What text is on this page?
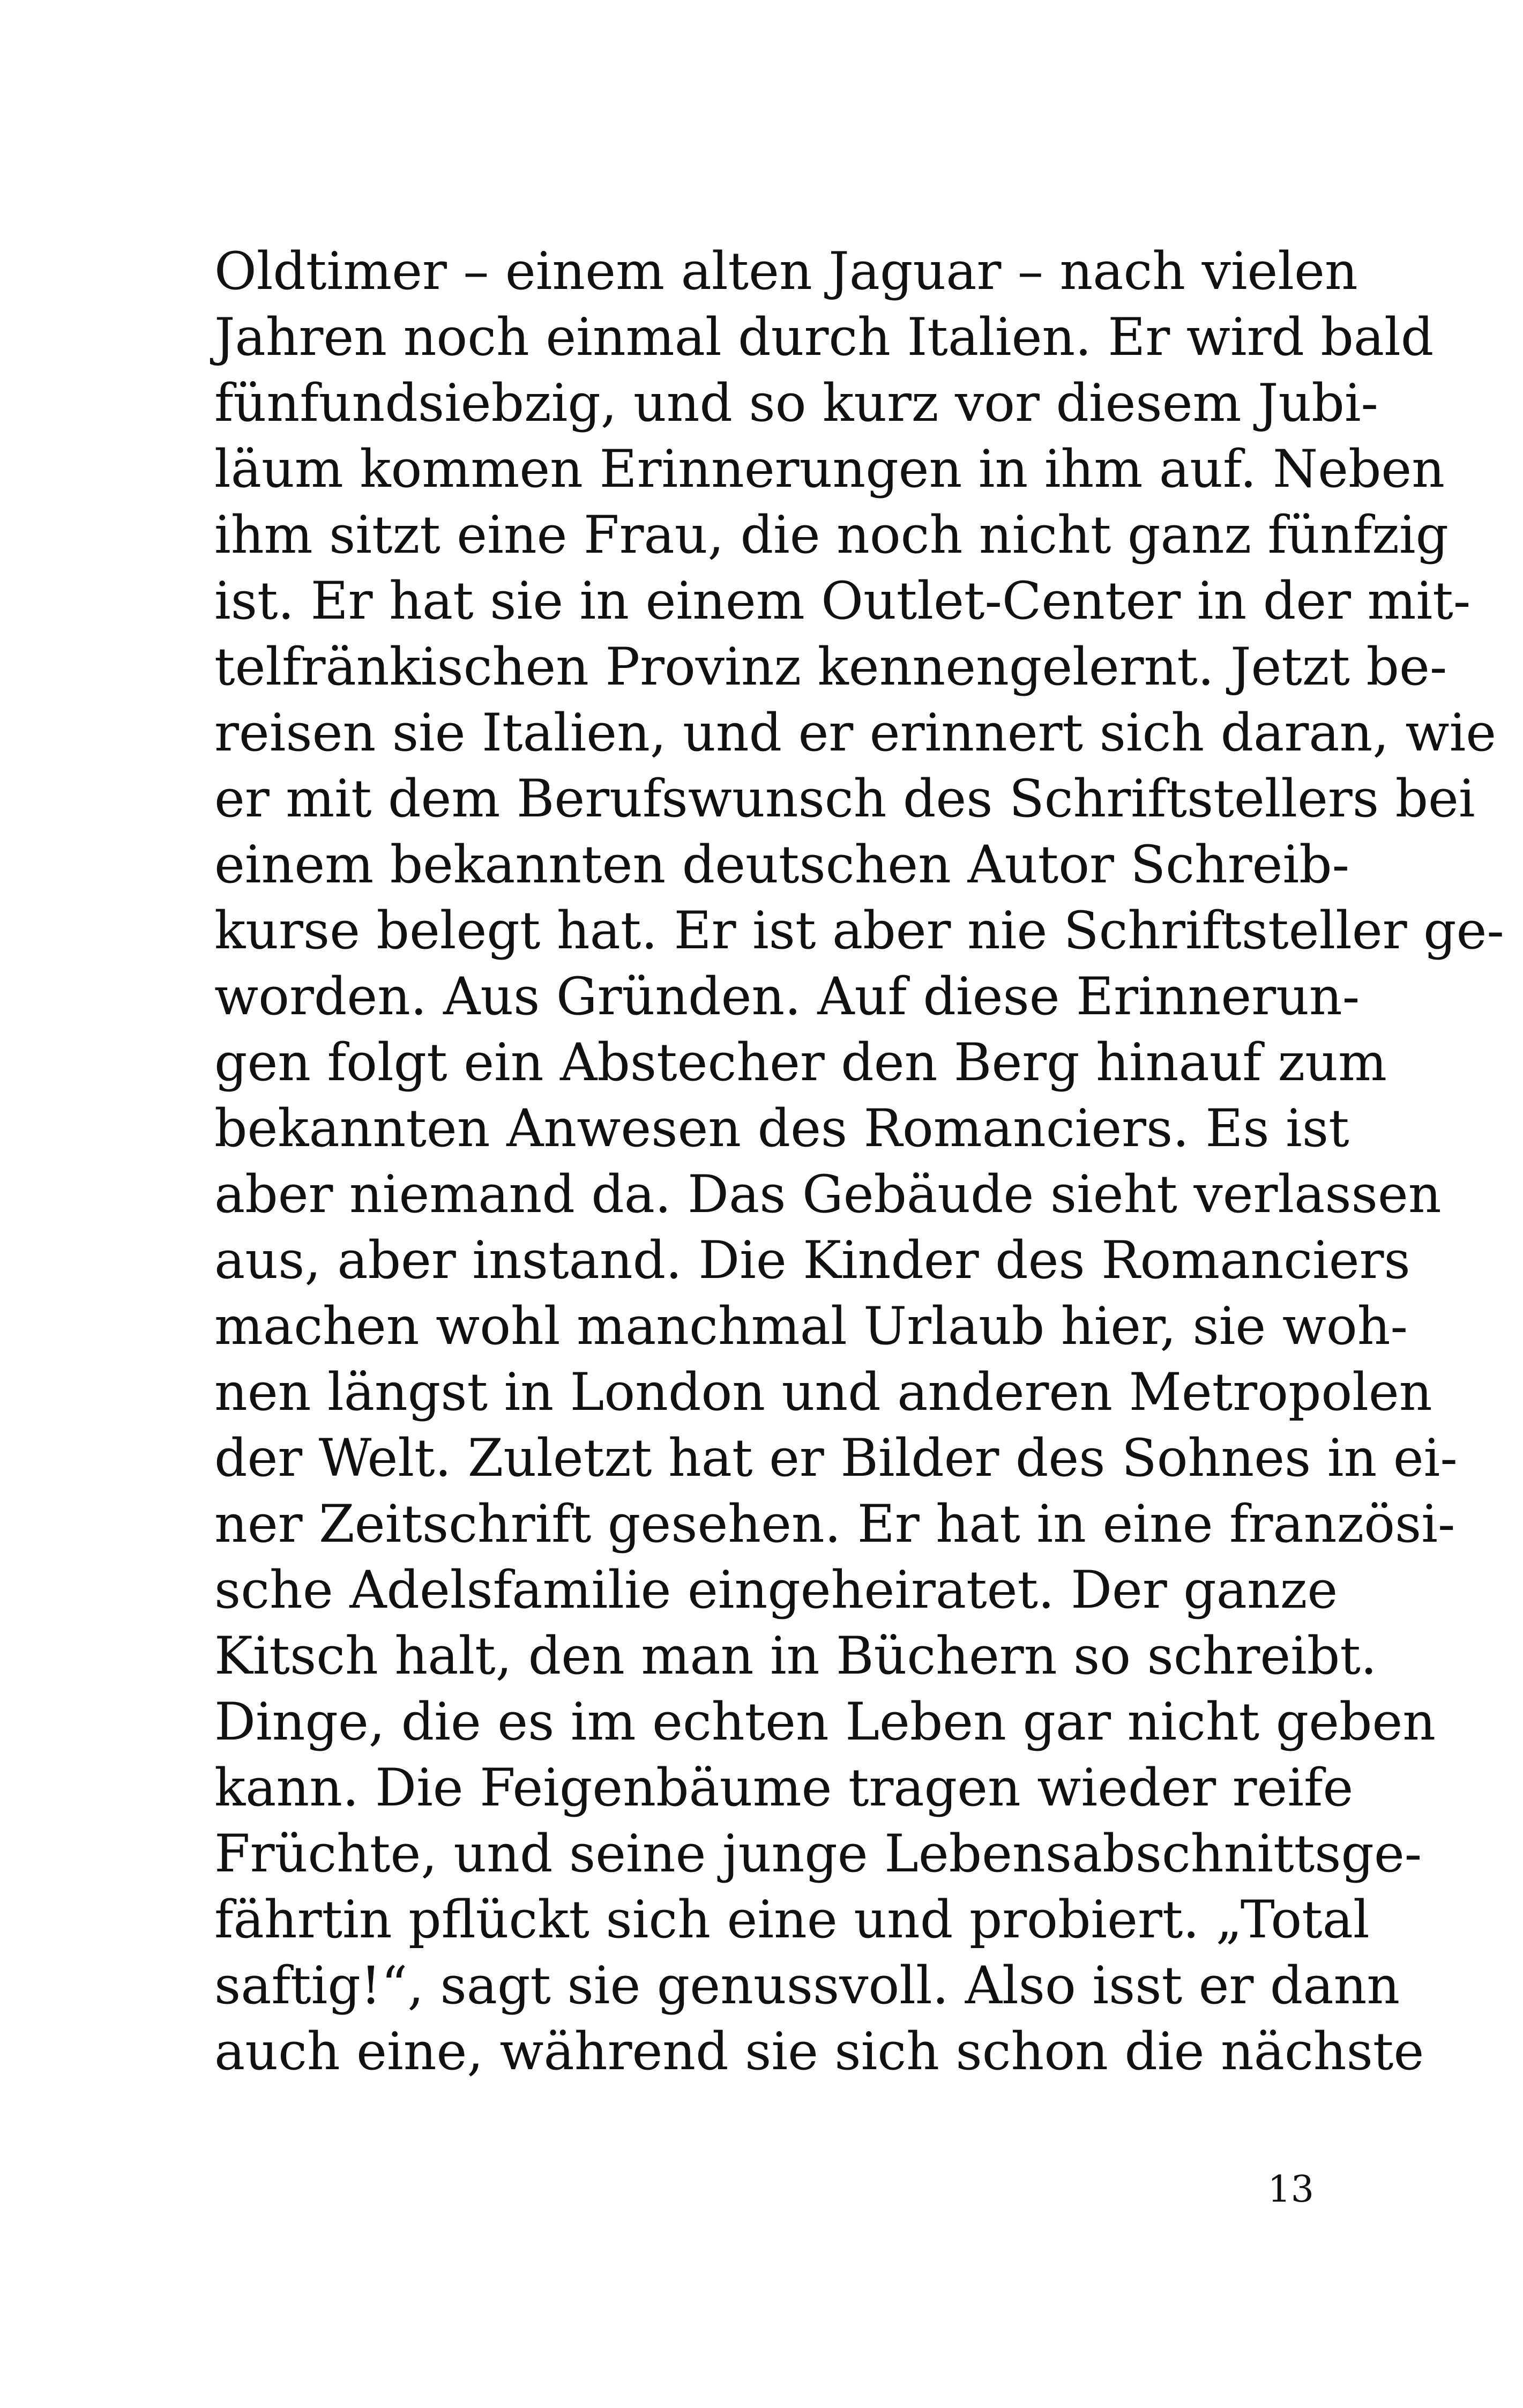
Oldtimer – einem alten Jaguar – nach vielen
Jahren noch einmal durch Italien. Er wird bald
fünfundsiebzig, und so kurz vor diesem Jubi-
läum kommen Erinnerungen in ihm auf. Neben
ihm sitzt eine Frau, die noch nicht ganz fünfzig
ist. Er hat sie in einem Outlet-Center in der mit-
telfränkischen Provinz kennengelernt. Jetzt be-
reisen sie Italien, und er erinnert sich daran, wie
er mit dem Berufswunsch des Schriftstellers bei
einem bekannten deutschen Autor Schreib-
kurse belegt hat. Er ist aber nie Schriftsteller ge-
worden. Aus Gründen. Auf diese Erinnerun-
gen folgt ein Abstecher den Berg hinauf zum
bekannten Anwesen des Romanciers. Es ist
aber niemand da. Das Gebäude sieht verlassen
aus, aber instand. Die Kinder des Romanciers
machen wohl manchmal Urlaub hier, sie woh-
nen längst in London und anderen Metropolen
der Welt. Zuletzt hat er Bilder des Sohnes in ei-
ner Zeitschrift gesehen. Er hat in eine französi-
sche Adelsfamilie eingeheiratet. Der ganze
Kitsch halt, den man in Büchern so schreibt.
Dinge, die es im echten Leben gar nicht geben
kann. Die Feigenbäume tragen wieder reife
Früchte, und seine junge Lebensabschnittsge-
fährtin pflückt sich eine und probiert. „Total
saftig!“, sagt sie genussvoll. Also isst er dann
auch eine, während sie sich schon die nächste
13
